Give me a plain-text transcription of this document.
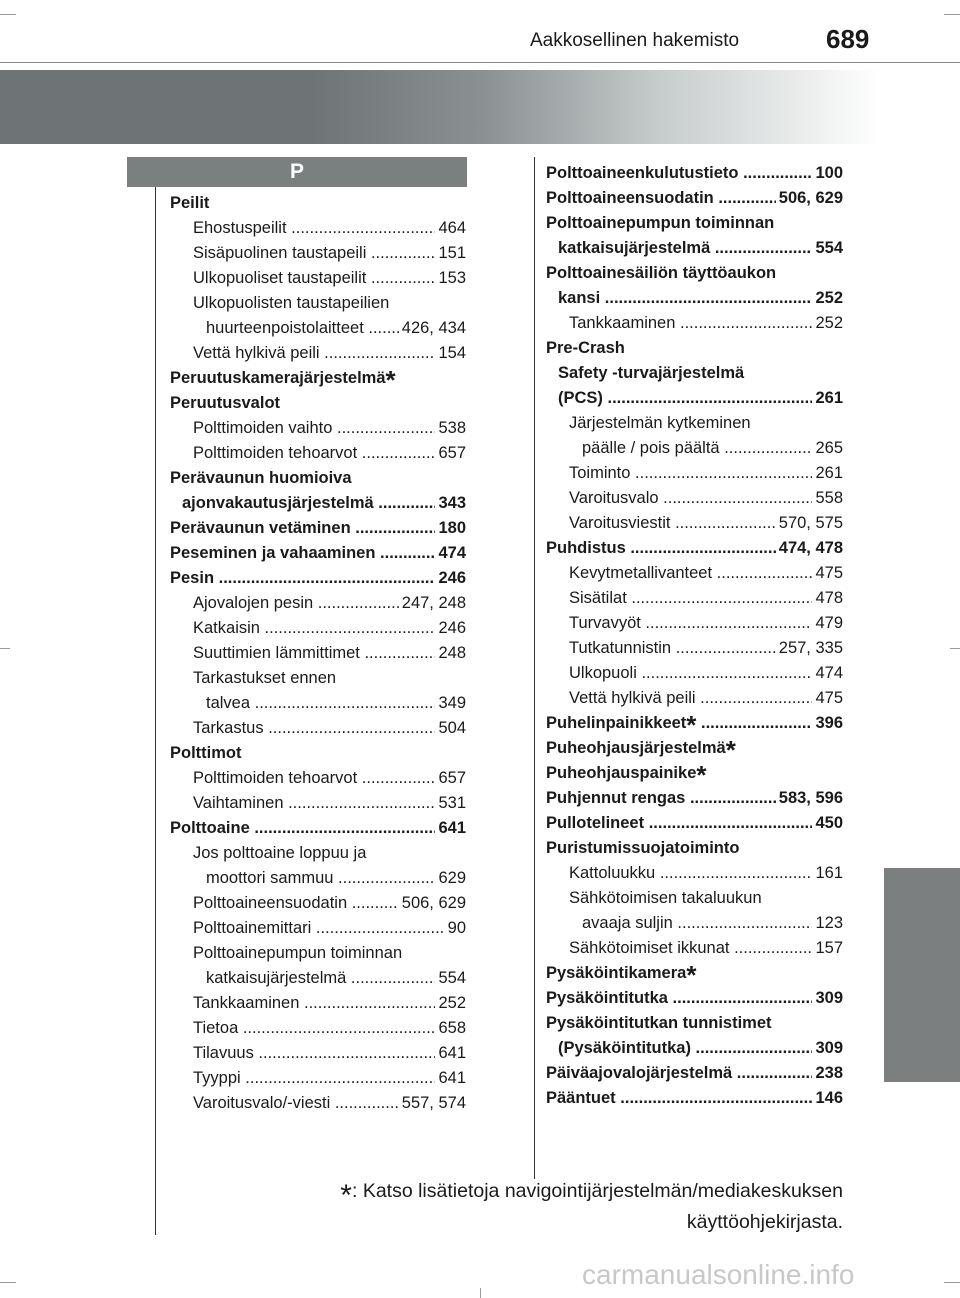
Aakkosellinen hakemisto	689
P
Peilit
Ehostuspeilit	464
.....
Sisäpuolinen taustapeili	151
.....
Ulkopuoliset taustapeilit	153
.....
Ulkopuolisten taustapeilien
huurteenpoistolaitteet 426, 434
.....
Vettä hylkivä peili	154
.....
Peruutuskamerajärjestelmä*
Peruutusvalot
Polttimoiden vaihto	538
.....
Polttimoiden tehoarvot	657
.....
Perävaunun huomioiva
ajonvakautusjärjestelmä	343
.....
Perävaunun vetäminen	180
.....
Peseminen ja vahaaminen	474
.....
Pesin	246
.....
Ajovalojen pesin	247, 248
.....
Katkaisin	246
.....
Suuttimien lämmittimet	248
.....
Tarkastukset ennen
talvea	349
.....
Tarkastus	504
.....
Polttimot
Polttimoiden tehoarvot	657
.....
Vaihtaminen	531
.....
Polttoaine	641
.....
Jos polttoaine loppuu ja
moottori sammuu	629
.....
Polttoaineensuodatin	506, 629
.....
Polttoainemittari	90
.....
Polttoainepumpun toiminnan
katkaisujärjestelmä	554
.....
Tankkaaminen	252
.....
Tietoa	658
.....
Tilavuus	641
.....
Tyyppi	641
.....
Varoitusvalo/-viesti	557, 574
.....
Polttoaineenkulutustieto	100
.....
Polttoaineensuodatin	506, 629
.....
Polttoainepumpun toiminnan
katkaisujärjestelmä	554
.....
Polttoainesäiliön täyttöaukon
kansi	252
.....
Tankkaaminen	252
.....
Pre-Crash
Safety -turvajärjestelmä
(PCS)	261
.....
Järjestelmän kytkeminen
päälle / pois päältä	265
.....
Toiminto	261
.....
Varoitusvalo	558
.....
Varoitusviestit	570, 575
.....
Puhdistus	474, 478
.....
Kevytmetallivanteet	475
.....
Sisätilat	478
.....
Turvavyöt	479
.....
Tutkatunnistin	257, 335
.....
Ulkopuoli	474
.....
Vettä hylkivä peili	475
.....
Puhelinpainikkeet*	396
.....
Puheohjausjärjestelmä*
Puheohjauspainike*
Puhjennut rengas	583, 596
.....
Pullotelineet	450
.....
Puristumissuojatoiminto
Kattoluukku	161
.....
Sähkötoimisen takaluukun
avaaja suljin	123
.....
Sähkötoimiset ikkunat	157
.....
Pysäköintikamera*
Pysäköintitutka	309
.....
Pysäköintitutkan tunnistimet
(Pysäköintitutka)	309
.....
Päiväajovalojärjestelmä	238
.....
Pääntuet	146
.....
*: Katso lisätietoja navigointijärjestelmän/mediakeskuksen
käyttöohjekirjasta.
carmanualsonline.info
